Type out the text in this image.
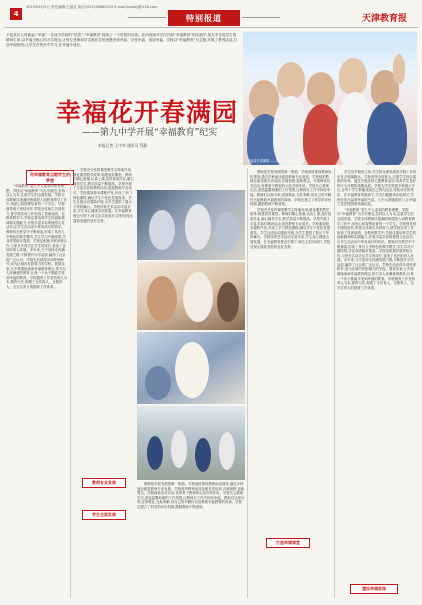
4
2013年6月5日 责任编辑:王福宝 电话:(022)58680315 E-mail:jiaokejj@126.com
特别报道	天津教育报
不论从什么时候起,“幸福”一旦成为学校的“话语”,“幸福教育”便成了一个时髦的词语。在河西南开学区开展“幸福教育”的实践中,第九中学将学生的精神生命,以幸福为核心的办学理念,让每位老师和学生都在学校里感受到幸福、享受幸福、创造幸福。学校以“幸福教育”为主题,开展了系列活动,打造幸福校园,让学生在快乐中学习,在幸福中成长。
幸福花开春满园——第九中学师生合影
幸福花开春满园
——第九中学开展“幸福教育”纪实
本报记者 王中华 通讯员 蔡静
用幸福教育点燃学生的梦想

“幸福教育”是九中人追求的教育理想。学校以“幸福教育”为办学理念,坚持以人为本,注重学生的全面发展。学校全体教师以饱满的热情投入到教育教学工作中,用爱心和智慧培育每一个学生。学校领导班子团结协作,带领全体师生共同努力,使学校各项工作取得了显著成绩。在教育教学中,学校注重培养学生的创新精神和实践能力,开展丰富多彩的校园文化活动,让学生在活动中体验成长的快乐。教师们在教学中不断探索,形成了具有九中特色的教学模式,学生学习兴趣浓厚,学业成绩稳步提高。学校还积极开展家校合作,与家长共同关注学生的成长,营造了良好的育人环境。多年来,九中坚持走内涵发展之路,不断提升办学品质,赢得了社会的广泛认可。学校先后获得多项荣誉称号,成为区域内有影响力的学校。展望未来,九中将继续秉承幸福教育理念,努力办人民满意的教育,让每一个孩子都能享受到幸福的教育。学校德育工作坚持育人为本,德育为先,构建了全员育人、全程育人、全方位育人的德育工作体系。

学校充分发挥课堂教学主阵地作用,深化课堂教学改革,构建高效课堂。教师们精心备课,认真上课,及时批改作业,耐心辅导学生,教学质量不断提高。学校开展了丰富多彩的教研活动,促进教师专业成长。学校重视校本课程开发,开设了多门特色课程,满足学生个性化发展需求。学生社团活动蓬勃开展,为学生提供了展示才华的舞台。学校体育艺术活动丰富多彩,学生身心健康全面发展。在幸福教育理念引领下,师生们共同成长,学校呈现出蓬勃发展的良好态势。

教师专业发展
学生全面发展

教师是学校发展的第一资源。学校高度重视教师队伍建设,通过多种途径促进教师专业发展。学校组织教师参加各级各类培训,开阔视野,更新观念。开展师徒结对活动,发挥骨干教师的示范引领作用。学校关心教师生活,营造温馨和谐的工作氛围,让教师在工作中体验幸福。教师们以校为家,爱岗敬业,无私奉献,用自己的辛勤付出诠释着幸福教育的真谛。学校还建立了科学的评价机制,激励教师不断进取。

教师是学校发展的第一资源。学校高度重视教师队伍建设,通过多种途径促进教师专业发展。学校组织教师参加各级各类培训,开阔视野,更新观念。开展师徒结对活动,发挥骨干教师的示范引领作用。学校关心教师生活,营造温馨和谐的工作氛围,让教师在工作中体验幸福。教师们以校为家,爱岗敬业,无私奉献,用自己的辛勤付出诠释着幸福教育的真谛。学校还建立了科学的评价机制,激励教师不断进取。

学校充分发挥课堂教学主阵地作用,深化课堂教学改革,构建高效课堂。教师们精心备课,认真上课,及时批改作业,耐心辅导学生,教学质量不断提高。学校开展了丰富多彩的教研活动,促进教师专业成长。学校重视校本课程开发,开设了多门特色课程,满足学生个性化发展需求。学生社团活动蓬勃开展,为学生提供了展示才华的舞台。学校体育艺术活动丰富多彩,学生身心健康全面发展。在幸福教育理念引领下,师生们共同成长,学校呈现出蓬勃发展的良好态势。

打造幸福课堂

学生是学校的主体,学生的全面发展是学校工作的出发点和落脚点。学校坚持全面育人,注重学生综合素质的培养。通过开展各种主题教育活动,培养学生良好的行为习惯和道德品质。学校为学生搭建多种展示平台,让每个学生都能找到自己的闪光点,体验成功的快乐。在幸福教育的滋润下,学生们健康快乐地成长,学校处处洋溢着幸福的气息。九中人将继续努力,让幸福之花在校园里绚丽绽放。

“幸福教育”是九中人追求的教育理想。学校以“幸福教育”为办学理念,坚持以人为本,注重学生的全面发展。学校全体教师以饱满的热情投入到教育教学工作中,用爱心和智慧培育每一个学生。学校领导班子团结协作,带领全体师生共同努力,使学校各项工作取得了显著成绩。在教育教学中,学校注重培养学生的创新精神和实践能力,开展丰富多彩的校园文化活动,让学生在活动中体验成长的快乐。教师们在教学中不断探索,形成了具有九中特色的教学模式,学生学习兴趣浓厚,学业成绩稳步提高。学校还积极开展家校合作,与家长共同关注学生的成长,营造了良好的育人环境。多年来,九中坚持走内涵发展之路,不断提升办学品质,赢得了社会的广泛认可。学校先后获得多项荣誉称号,成为区域内有影响力的学校。展望未来,九中将继续秉承幸福教育理念,努力办人民满意的教育,让每一个孩子都能享受到幸福的教育。学校德育工作坚持育人为本,德育为先,构建了全员育人、全程育人、全方位育人的德育工作体系。

建设幸福家园
